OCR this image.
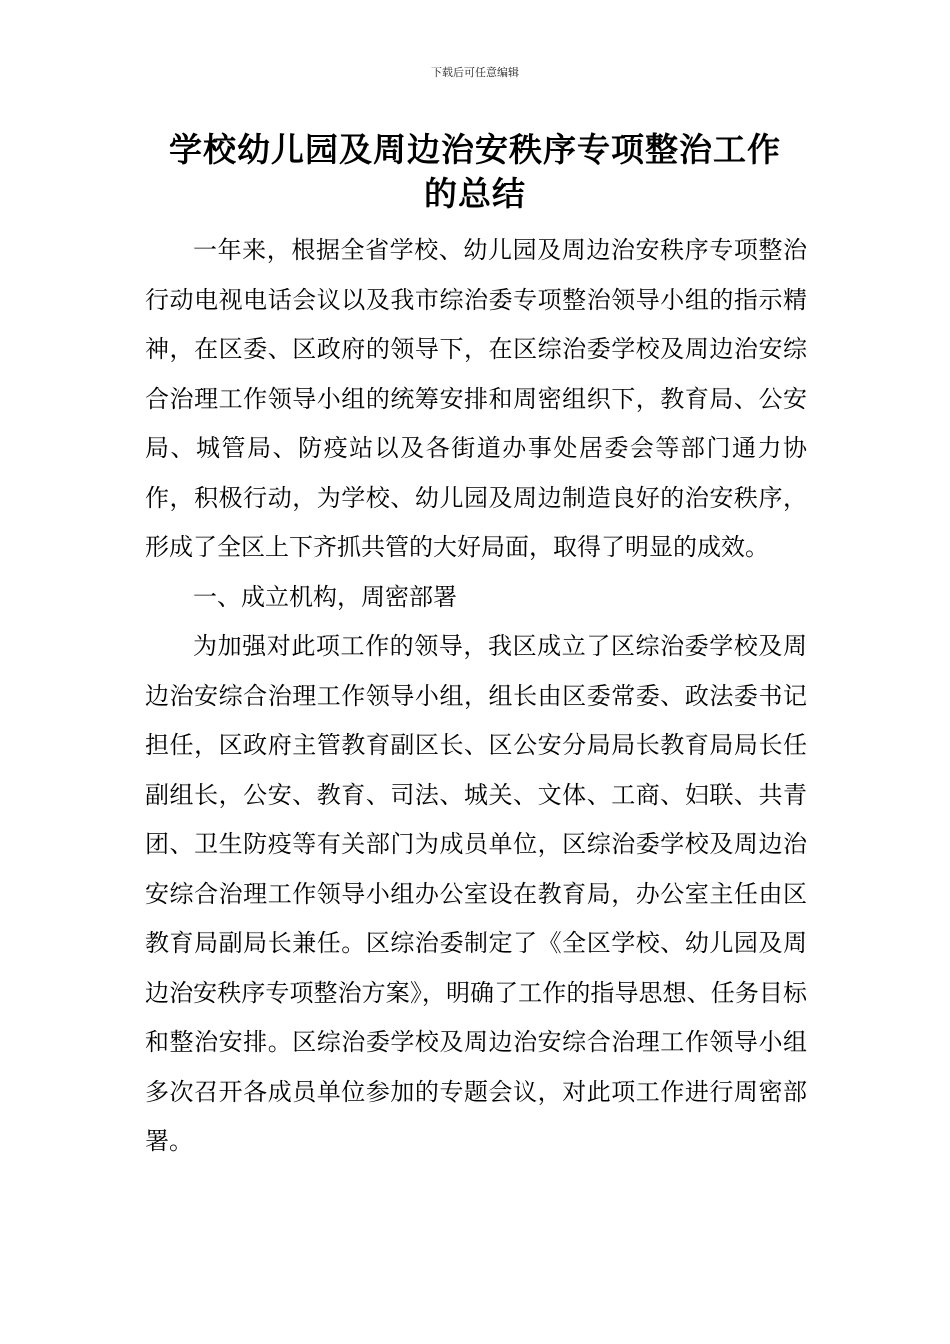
下载后可任意编辑
学校幼儿园及周边治安秩序专项整治工作
的总结

一年来，根据全省学校、幼儿园及周边治安秩序专项整治行动电视电话会议以及我市综治委专项整治领导小组的指示精神，在区委、区政府的领导下，在区综治委学校及周边治安综合治理工作领导小组的统筹安排和周密组织下，教育局、公安局、城管局、防疫站以及各街道办事处居委会等部门通力协作，积极行动，为学校、幼儿园及周边制造良好的治安秩序，形成了全区上下齐抓共管的大好局面，取得了明显的成效。

一、成立机构，周密部署

为加强对此项工作的领导，我区成立了区综治委学校及周边治安综合治理工作领导小组，组长由区委常委、政法委书记担任，区政府主管教育副区长、区公安分局局长教育局局长任副组长，公安、教育、司法、城关、文体、工商、妇联、共青团、卫生防疫等有关部门为成员单位，区综治委学校及周边治安综合治理工作领导小组办公室设在教育局，办公室主任由区教育局副局长兼任。区综治委制定了《全区学校、幼儿园及周边治安秩序专项整治方案》，明确了工作的指导思想、任务目标和整治安排。区综治委学校及周边治安综合治理工作领导小组多次召开各成员单位参加的专题会议，对此项工作进行周密部署。
